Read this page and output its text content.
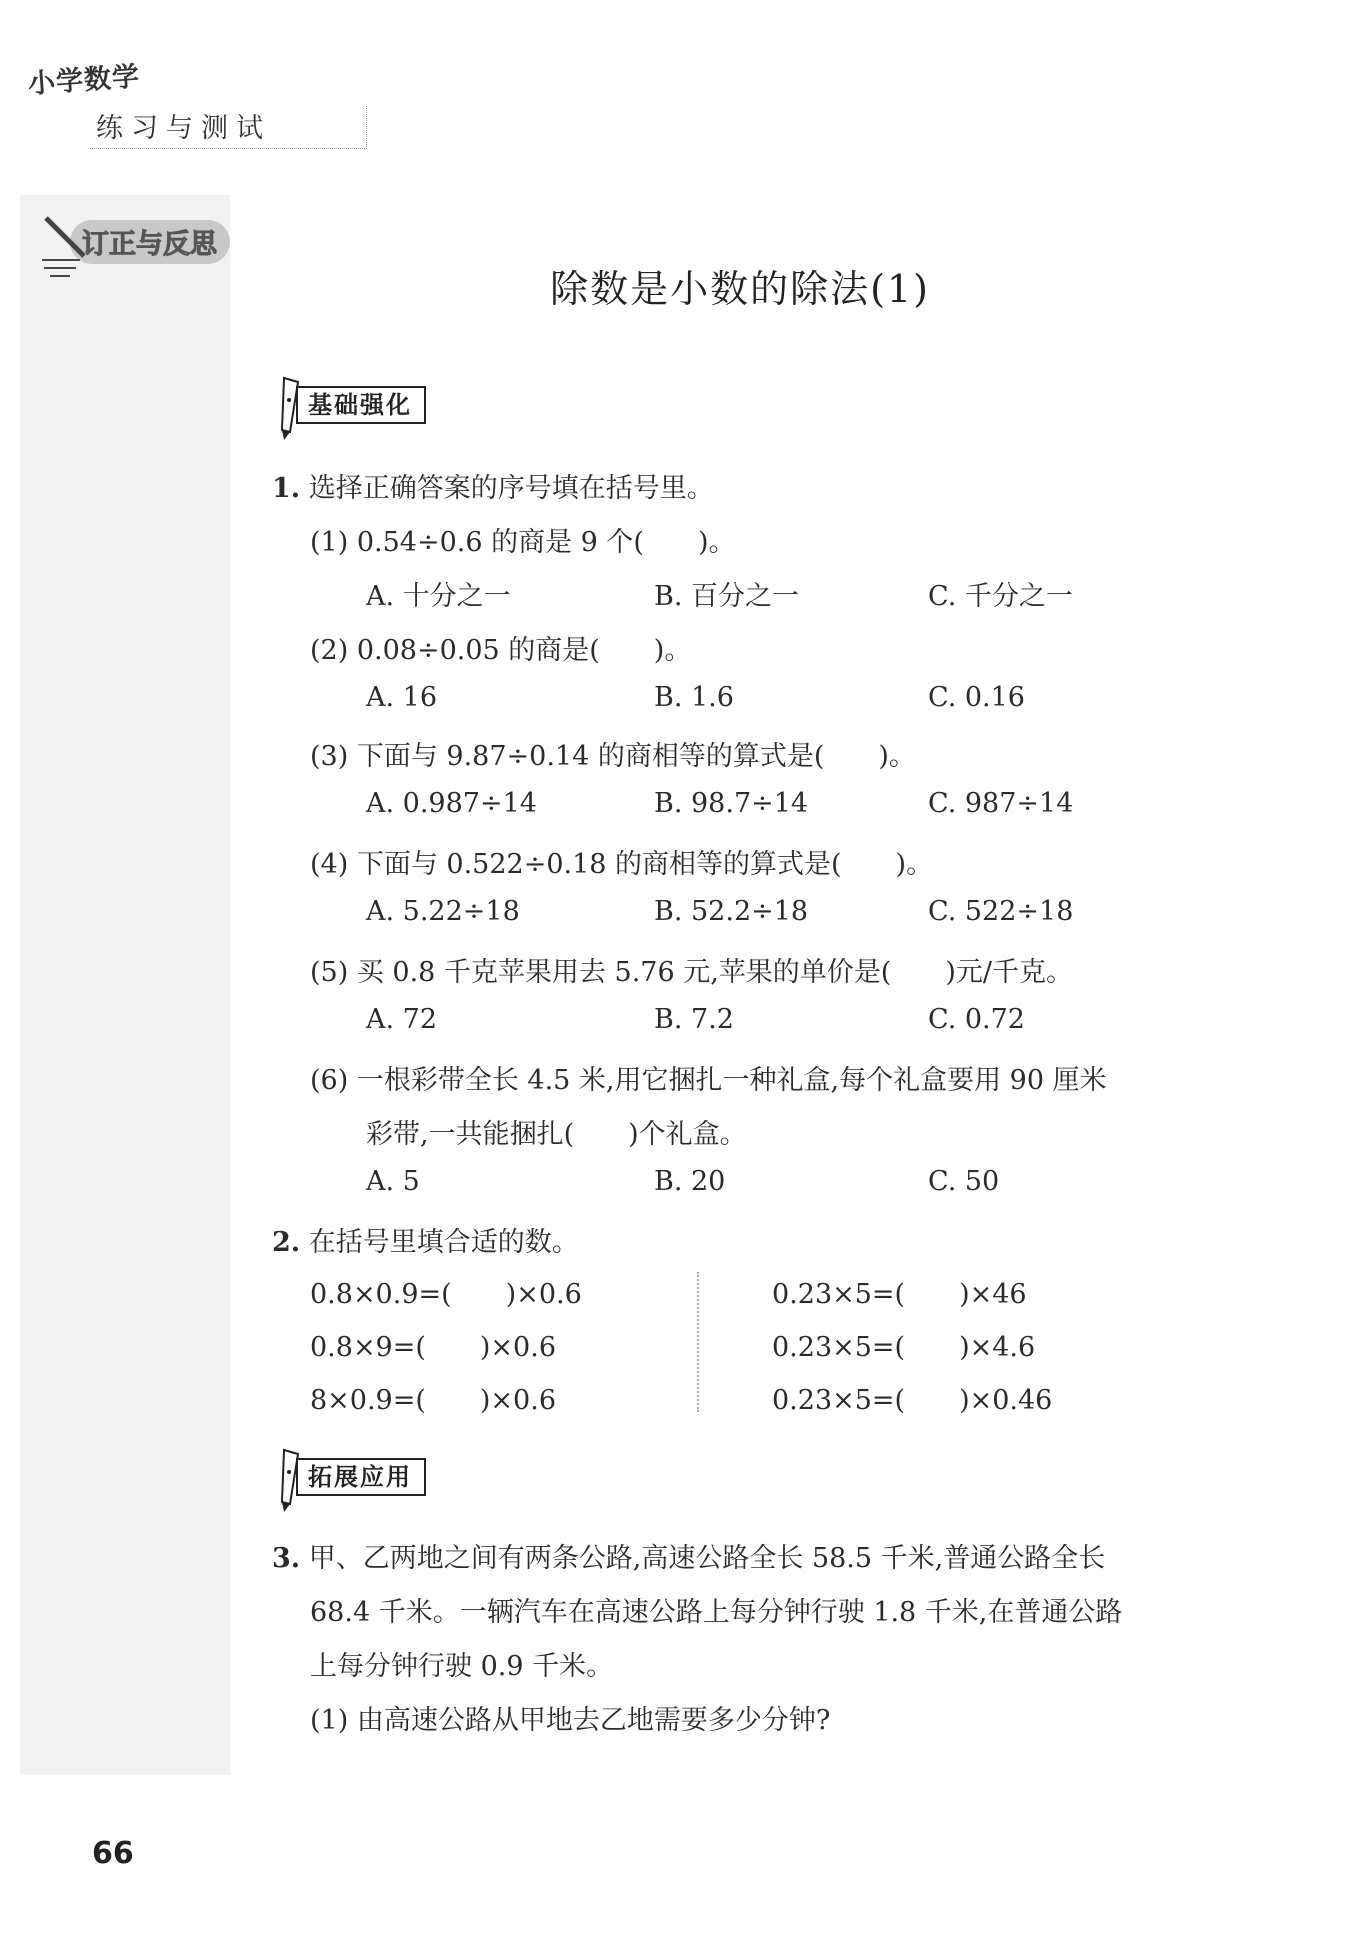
小学数学
练习与测试
订正与反思
除数是小数的除法(1)
基础强化
1. 选择正确答案的序号填在括号里。
(1) 0.54÷0.6 的商是 9 个(　　)。
A. 十分之一	B. 百分之一	C. 千分之一
(2) 0.08÷0.05 的商是(　　)。
A. 16	B. 1.6	C. 0.16
(3) 下面与 9.87÷0.14 的商相等的算式是(　　)。
A. 0.987÷14	B. 98.7÷14	C. 987÷14
(4) 下面与 0.522÷0.18 的商相等的算式是(　　)。
A. 5.22÷18	B. 52.2÷18	C. 522÷18
(5) 买 0.8 千克苹果用去 5.76 元,苹果的单价是(　　)元/千克。
A. 72	B. 7.2	C. 0.72
(6) 一根彩带全长 4.5 米,用它捆扎一种礼盒,每个礼盒要用 90 厘米
彩带,一共能捆扎(　　)个礼盒。
A. 5	B. 20	C. 50
2. 在括号里填合适的数。
0.8×0.9=(　　)×0.6
0.8×9=(　　)×0.6
8×0.9=(　　)×0.6
0.23×5=(　　)×46
0.23×5=(　　)×4.6
0.23×5=(　　)×0.46
拓展应用
3. 甲、乙两地之间有两条公路,高速公路全长 58.5 千米,普通公路全长
68.4 千米。一辆汽车在高速公路上每分钟行驶 1.8 千米,在普通公路
上每分钟行驶 0.9 千米。
(1) 由高速公路从甲地去乙地需要多少分钟?
66
